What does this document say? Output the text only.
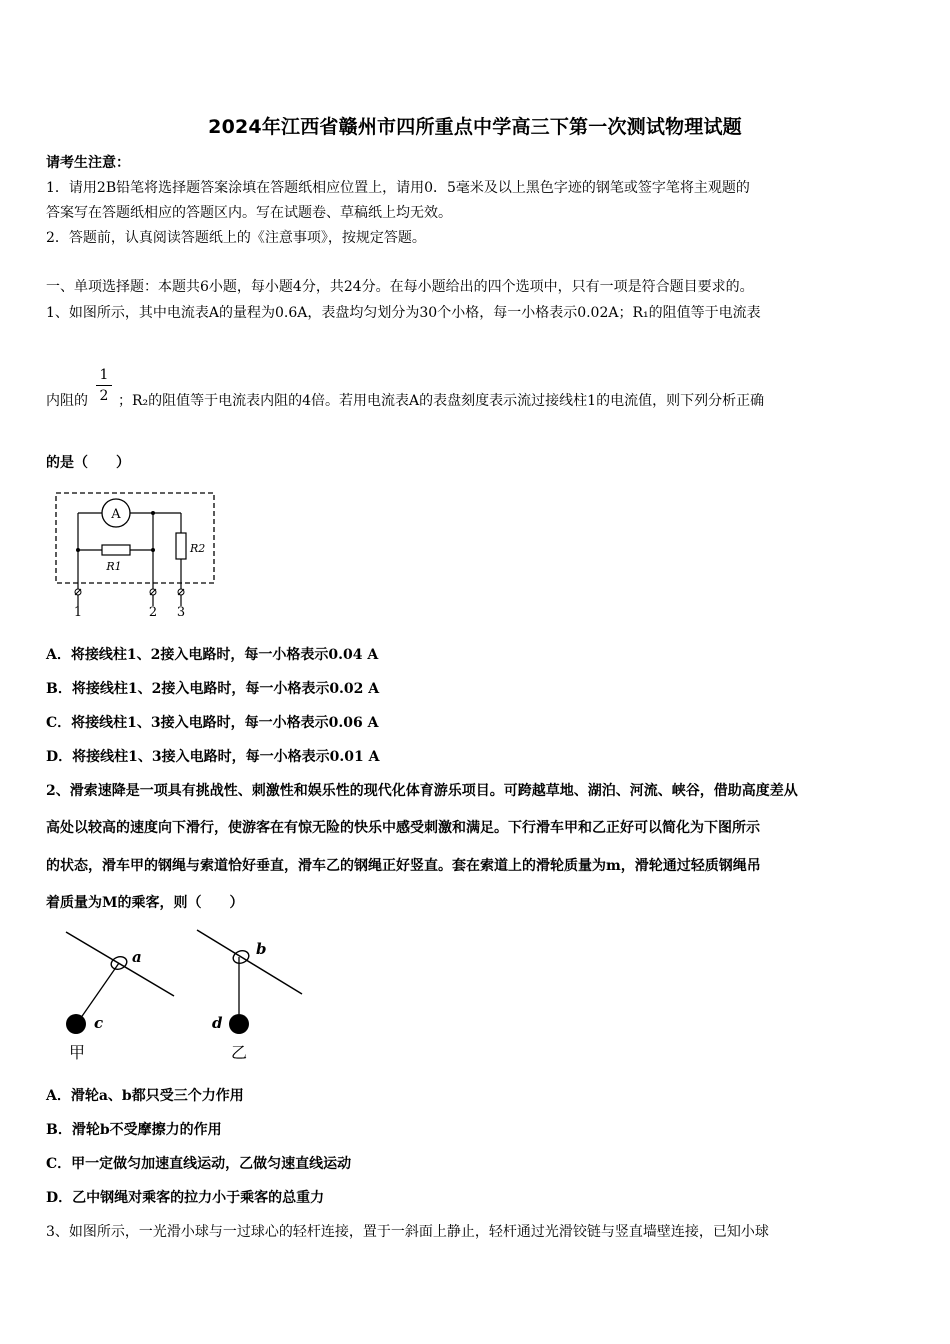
2024年江西省赣州市四所重点中学高三下第一次测试物理试题
请考生注意：
1．请用2B铅笔将选择题答案涂填在答题纸相应位置上，请用0．5毫米及以上黑色字迹的钢笔或签字笔将主观题的
答案写在答题纸相应的答题区内。写在试题卷、草稿纸上均无效。
2．答题前，认真阅读答题纸上的《注意事项》，按规定答题。
一、单项选择题：本题共6小题，每小题4分，共24分。在每小题给出的四个选项中，只有一项是符合题目要求的。
1、如图所示，其中电流表A的量程为0.6A，表盘均匀划分为30个小格，每一小格表示0.02A；R₁的阻值等于电流表
内阻的 $\frac{1}{2}$ ；R₂的阻值等于电流表内阻的4倍。若用电流表A的表盘刻度表示流过接线柱1的电流值，则下列分析正确
的是（　　）
A
R1
R2
1	2 3
A．将接线柱1、2接入电路时，每一小格表示0.04 A
B．将接线柱1、2接入电路时，每一小格表示0.02 A
C．将接线柱1、3接入电路时，每一小格表示0.06 A
D．将接线柱1、3接入电路时，每一小格表示0.01 A
2、滑索速降是一项具有挑战性、刺激性和娱乐性的现代化体育游乐项目。可跨越草地、湖泊、河流、峡谷，借助高度差从
高处以较高的速度向下滑行，使游客在有惊无险的快乐中感受刺激和满足。下行滑车甲和乙正好可以简化为下图所示
的状态，滑车甲的钢绳与索道恰好垂直，滑车乙的钢绳正好竖直。套在索道上的滑轮质量为m，滑轮通过轻质钢绳吊
着质量为M的乘客，则（　　）
a
c
甲
b
d
乙
A．滑轮a、b都只受三个力作用
B．滑轮b不受摩擦力的作用
C．甲一定做匀加速直线运动，乙做匀速直线运动
D．乙中钢绳对乘客的拉力小于乘客的总重力
3、如图所示，一光滑小球与一过球心的轻杆连接，置于一斜面上静止，轻杆通过光滑铰链与竖直墙壁连接，已知小球
